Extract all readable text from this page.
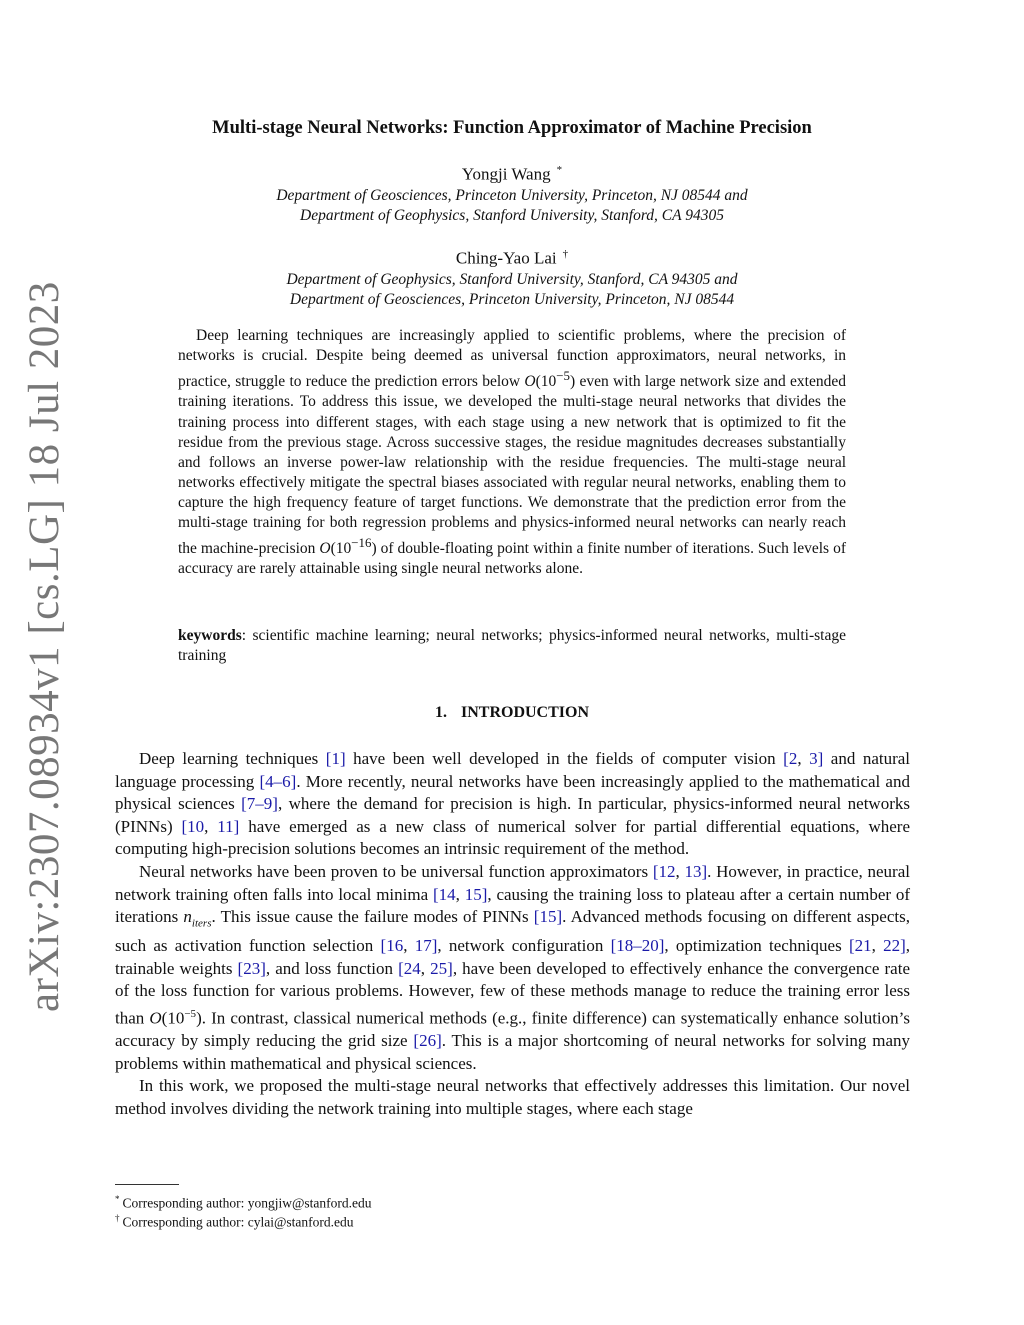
arXiv:2307.08934v1 [cs.LG] 18 Jul 2023
Multi-stage Neural Networks: Function Approximator of Machine Precision
Yongji Wang *
Department of Geosciences, Princeton University, Princeton, NJ 08544 and
Department of Geophysics, Stanford University, Stanford, CA 94305
Ching-Yao Lai †
Department of Geophysics, Stanford University, Stanford, CA 94305 and
Department of Geosciences, Princeton University, Princeton, NJ 08544

Deep learning techniques are increasingly applied to scientific problems, where the precision of networks is crucial. Despite being deemed as universal function approximators, neural networks, in practice, struggle to reduce the prediction errors below $O(10^{-5})$ even with large network size and extended training iterations. To address this issue, we developed the multi-stage neural networks that divides the training process into different stages, with each stage using a new network that is optimized to fit the residue from the previous stage. Across successive stages, the residue magnitudes decreases substantially and follows an inverse power-law relationship with the residue frequencies. The multi-stage neural networks effectively mitigate the spectral biases associated with regular neural networks, enabling them to capture the high frequency feature of target functions. We demonstrate that the prediction error from the multi-stage training for both regression problems and physics-informed neural networks can nearly reach the machine-precision $O(10^{-16})$ of double-floating point within a finite number of iterations. Such levels of accuracy are rarely attainable using single neural networks alone.

keywords: scientific machine learning; neural networks; physics-informed neural networks, multi-stage training
1. INTRODUCTION

Deep learning techniques [1] have been well developed in the fields of computer vision [2, 3] and natural language processing [4–6]. More recently, neural networks have been increasingly applied to the mathematical and physical sciences [7–9], where the demand for precision is high. In particular, physics-informed neural networks (PINNs) [10, 11] have emerged as a new class of numerical solver for partial differential equations, where computing high-precision solutions becomes an intrinsic requirement of the method.

Neural networks have been proven to be universal function approximators [12, 13]. However, in practice, neural network training often falls into local minima [14, 15], causing the training loss to plateau after a certain number of iterations $n_{iters}$. This issue cause the failure modes of PINNs [15]. Advanced methods focusing on different aspects, such as activation function selection [16, 17], network configuration [18–20], optimization techniques [21, 22], trainable weights [23], and loss function [24, 25], have been developed to effectively enhance the convergence rate of the loss function for various problems. However, few of these methods manage to reduce the training error less than $O(10^{-5})$. In contrast, classical numerical methods (e.g., finite difference) can systematically enhance solution’s accuracy by simply reducing the grid size [26]. This is a major shortcoming of neural networks for solving many problems within mathematical and physical sciences.

In this work, we proposed the multi-stage neural networks that effectively addresses this limitation. Our novel method involves dividing the network training into multiple stages, where each stage

* Corresponding author: yongjiw@stanford.edu
† Corresponding author: cylai@stanford.edu
